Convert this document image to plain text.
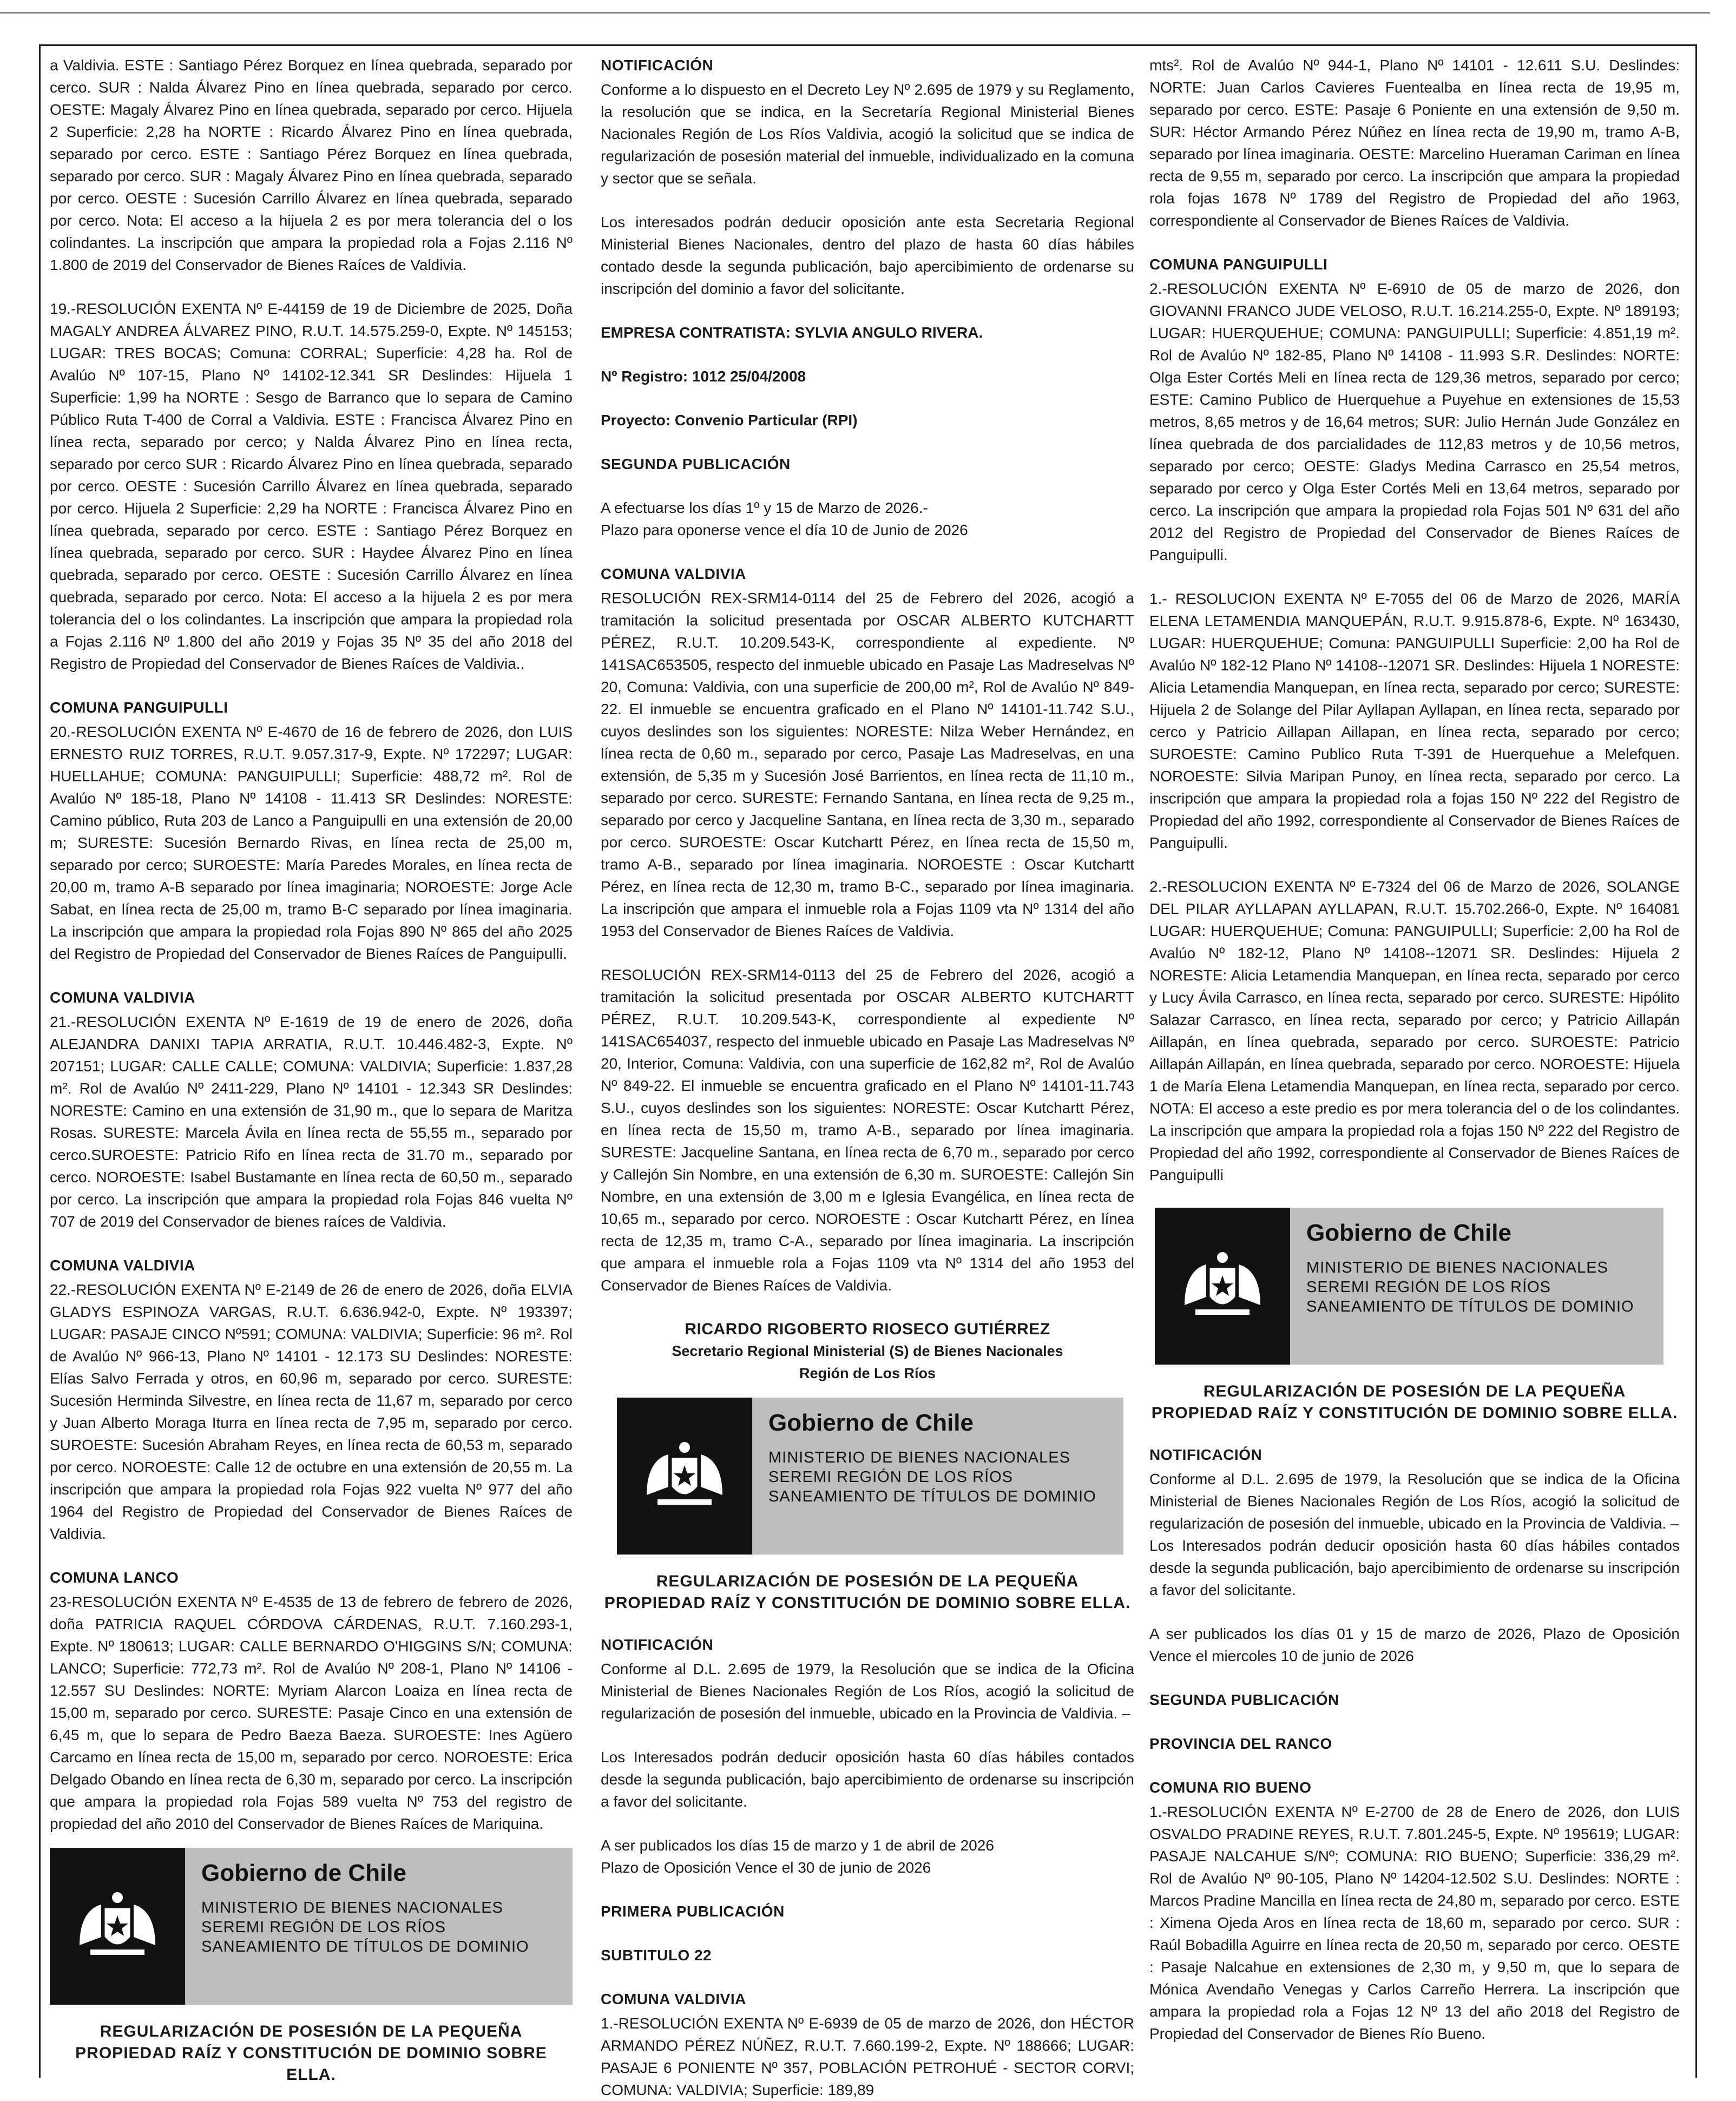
a Valdivia. ESTE : Santiago Pérez Borquez en línea quebrada, separado por cerco. SUR : Nalda Álvarez Pino en línea quebrada, separado por cerco. OESTE: Magaly Álvarez Pino en línea quebrada, separado por cerco. Hijuela 2 Superficie: 2,28 ha NORTE : Ricardo Álvarez Pino en línea quebrada, separado por cerco. ESTE : Santiago Pérez Borquez en línea quebrada, separado por cerco. SUR : Magaly Álvarez Pino en línea quebrada, separado por cerco. OESTE : Sucesión Carrillo Álvarez en línea quebrada, separado por cerco. Nota: El acceso a la hijuela 2 es por mera tolerancia del o los colindantes. La inscripción que ampara la propiedad rola a Fojas 2.116 Nº 1.800 de 2019 del Conservador de Bienes Raíces de Valdivia.

19.-RESOLUCIÓN EXENTA Nº E-44159 de 19 de Diciembre de 2025, Doña MAGALY ANDREA ÁLVAREZ PINO, R.U.T. 14.575.259-0, Expte. Nº 145153; LUGAR: TRES BOCAS; Comuna: CORRAL; Superficie: 4,28 ha. Rol de Avalúo Nº 107-15, Plano Nº 14102-12.341 SR Deslindes: Hijuela 1 Superficie: 1,99 ha NORTE : Sesgo de Barranco que lo separa de Camino Público Ruta T-400 de Corral a Valdivia. ESTE : Francisca Álvarez Pino en línea recta, separado por cerco; y Nalda Álvarez Pino en línea recta, separado por cerco SUR : Ricardo Álvarez Pino en línea quebrada, separado por cerco. OESTE : Sucesión Carrillo Álvarez en línea quebrada, separado por cerco. Hijuela 2 Superficie: 2,29 ha NORTE : Francisca Álvarez Pino en línea quebrada, separado por cerco. ESTE : Santiago Pérez Borquez en línea quebrada, separado por cerco. SUR : Haydee Álvarez Pino en línea quebrada, separado por cerco. OESTE : Sucesión Carrillo Álvarez en línea quebrada, separado por cerco. Nota: El acceso a la hijuela 2 es por mera tolerancia del o los colindantes. La inscripción que ampara la propiedad rola a Fojas 2.116 Nº 1.800 del año 2019 y Fojas 35 Nº 35 del año 2018 del Registro de Propiedad del Conservador de Bienes Raíces de Valdivia..

COMUNA PANGUIPULLI

20.-RESOLUCIÓN EXENTA Nº E-4670 de 16 de febrero de 2026, don LUIS ERNESTO RUIZ TORRES, R.U.T. 9.057.317-9, Expte. Nº 172297; LUGAR: HUELLAHUE; COMUNA: PANGUIPULLI; Superficie: 488,72 m². Rol de Avalúo Nº 185-18, Plano Nº 14108 - 11.413 SR Deslindes: NORESTE: Camino público, Ruta 203 de Lanco a Panguipulli en una extensión de 20,00 m; SURESTE: Sucesión Bernardo Rivas, en línea recta de 25,00 m, separado por cerco; SUROESTE: María Paredes Morales, en línea recta de 20,00 m, tramo A-B separado por línea imaginaria; NOROESTE: Jorge Acle Sabat, en línea recta de 25,00 m, tramo B-C separado por línea imaginaria. La inscripción que ampara la propiedad rola Fojas 890 Nº 865 del año 2025 del Registro de Propiedad del Conservador de Bienes Raíces de Panguipulli.

COMUNA VALDIVIA

21.-RESOLUCIÓN EXENTA Nº E-1619 de 19 de enero de 2026, doña ALEJANDRA DANIXI TAPIA ARRATIA, R.U.T. 10.446.482-3, Expte. Nº 207151; LUGAR: CALLE CALLE; COMUNA: VALDIVIA; Superficie: 1.837,28 m². Rol de Avalúo Nº 2411-229, Plano Nº 14101 - 12.343 SR Deslindes: NORESTE: Camino en una extensión de 31,90 m., que lo separa de Maritza Rosas. SURESTE: Marcela Ávila en línea recta de 55,55 m., separado por cerco.SUROESTE: Patricio Rifo en línea recta de 31.70 m., separado por cerco. NOROESTE: Isabel Bustamante en línea recta de 60,50 m., separado por cerco. La inscripción que ampara la propiedad rola Fojas 846 vuelta Nº 707 de 2019 del Conservador de bienes raíces de Valdivia.

COMUNA VALDIVIA

22.-RESOLUCIÓN EXENTA Nº E-2149 de 26 de enero de 2026, doña ELVIA GLADYS ESPINOZA VARGAS, R.U.T. 6.636.942-0, Expte. Nº 193397; LUGAR: PASAJE CINCO Nº591; COMUNA: VALDIVIA; Superficie: 96 m². Rol de Avalúo Nº 966-13, Plano Nº 14101 - 12.173 SU Deslindes: NORESTE: Elías Salvo Ferrada y otros, en 60,96 m, separado por cerco. SURESTE: Sucesión Herminda Silvestre, en línea recta de 11,67 m, separado por cerco y Juan Alberto Moraga Iturra en línea recta de 7,95 m, separado por cerco. SUROESTE: Sucesión Abraham Reyes, en línea recta de 60,53 m, separado por cerco. NOROESTE: Calle 12 de octubre en una extensión de 20,55 m. La inscripción que ampara la propiedad rola Fojas 922 vuelta Nº 977 del año 1964 del Registro de Propiedad del Conservador de Bienes Raíces de Valdivia.

COMUNA LANCO

23-RESOLUCIÓN EXENTA Nº E-4535 de 13 de febrero de febrero de 2026, doña PATRICIA RAQUEL CÓRDOVA CÁRDENAS, R.U.T. 7.160.293-1, Expte. Nº 180613; LUGAR: CALLE BERNARDO O'HIGGINS S/N; COMUNA: LANCO; Superficie: 772,73 m². Rol de Avalúo Nº 208-1, Plano Nº 14106 - 12.557 SU Deslindes: NORTE: Myriam Alarcon Loaiza en línea recta de 15,00 m, separado por cerco. SURESTE: Pasaje Cinco en una extensión de 6,45 m, que lo separa de Pedro Baeza Baeza. SUROESTE: Ines Agüero Carcamo en línea recta de 15,00 m, separado por cerco. NOROESTE: Erica Delgado Obando en línea recta de 6,30 m, separado por cerco. La inscripción que ampara la propiedad rola Fojas 589 vuelta Nº 753 del registro de propiedad del año 2010 del Conservador de Bienes Raíces de Mariquina.

Gobierno de Chile
MINISTERIO DE BIENES NACIONALES
SEREMI REGIÓN DE LOS RÍOS
SANEAMIENTO DE TÍTULOS DE DOMINIO
REGULARIZACIÓN DE POSESIÓN DE LA PEQUEÑA
PROPIEDAD RAÍZ Y CONSTITUCIÓN DE DOMINIO SOBRE ELLA.
NOTIFICACIÓN

Conforme a lo dispuesto en el Decreto Ley Nº 2.695 de 1979 y su Reglamento, la resolución que se indica, en la Secretaría Regional Ministerial Bienes Nacionales Región de Los Ríos Valdivia, acogió la solicitud que se indica de regularización de posesión material del inmueble, individualizado en la comuna y sector que se señala.

Los interesados podrán deducir oposición ante esta Secretaria Regional Ministerial Bienes Nacionales, dentro del plazo de hasta 60 días hábiles contado desde la segunda publicación, bajo apercibimiento de ordenarse su inscripción del dominio a favor del solicitante.

EMPRESA CONTRATISTA: SYLVIA ANGULO RIVERA.

Nº Registro: 1012 25/04/2008

Proyecto: Convenio Particular (RPI)

SEGUNDA PUBLICACIÓN

A efectuarse los días 1º y 15 de Marzo de 2026.-

Plazo para oponerse vence el día 10 de Junio de 2026

COMUNA VALDIVIA

RESOLUCIÓN REX-SRM14-0114 del 25 de Febrero del 2026, acogió a tramitación la solicitud presentada por OSCAR ALBERTO KUTCHARTT PÉREZ, R.U.T. 10.209.543-K, correspondiente al expediente. Nº 141SAC653505, respecto del inmueble ubicado en Pasaje Las Madreselvas Nº 20, Comuna: Valdivia, con una superficie de 200,00 m², Rol de Avalúo Nº 849-22. El inmueble se encuentra graficado en el Plano Nº 14101-11.742 S.U., cuyos deslindes son los siguientes: NORESTE: Nilza Weber Hernández, en línea recta de 0,60 m., separado por cerco, Pasaje Las Madreselvas, en una extensión, de 5,35 m y Sucesión José Barrientos, en línea recta de 11,10 m., separado por cerco. SURESTE: Fernando Santana, en línea recta de 9,25 m., separado por cerco y Jacqueline Santana, en línea recta de 3,30 m., separado por cerco. SUROESTE: Oscar Kutchartt Pérez, en línea recta de 15,50 m, tramo A-B., separado por línea imaginaria. NOROESTE : Oscar Kutchartt Pérez, en línea recta de 12,30 m, tramo B-C., separado por línea imaginaria. La inscripción que ampara el inmueble rola a Fojas 1109 vta Nº 1314 del año 1953 del Conservador de Bienes Raíces de Valdivia.

RESOLUCIÓN REX-SRM14-0113 del 25 de Febrero del 2026, acogió a tramitación la solicitud presentada por OSCAR ALBERTO KUTCHARTT PÉREZ, R.U.T. 10.209.543-K, correspondiente al expediente Nº 141SAC654037, respecto del inmueble ubicado en Pasaje Las Madreselvas Nº 20, Interior, Comuna: Valdivia, con una superficie de 162,82 m², Rol de Avalúo Nº 849-22. El inmueble se encuentra graficado en el Plano Nº 14101-11.743 S.U., cuyos deslindes son los siguientes: NORESTE: Oscar Kutchartt Pérez, en línea recta de 15,50 m, tramo A-B., separado por línea imaginaria. SURESTE: Jacqueline Santana, en línea recta de 6,70 m., separado por cerco y Callejón Sin Nombre, en una extensión de 6,30 m. SUROESTE: Callejón Sin Nombre, en una extensión de 3,00 m e Iglesia Evangélica, en línea recta de 10,65 m., separado por cerco. NOROESTE : Oscar Kutchartt Pérez, en línea recta de 12,35 m, tramo C-A., separado por línea imaginaria. La inscripción que ampara el inmueble rola a Fojas 1109 vta Nº 1314 del año 1953 del Conservador de Bienes Raíces de Valdivia.

RICARDO RIGOBERTO RIOSECO GUTIÉRREZ
Secretario Regional Ministerial (S) de Bienes Nacionales
Región de Los Ríos
Gobierno de Chile
MINISTERIO DE BIENES NACIONALES
SEREMI REGIÓN DE LOS RÍOS
SANEAMIENTO DE TÍTULOS DE DOMINIO
REGULARIZACIÓN DE POSESIÓN DE LA PEQUEÑA
PROPIEDAD RAÍZ Y CONSTITUCIÓN DE DOMINIO SOBRE ELLA.
NOTIFICACIÓN

Conforme al D.L. 2.695 de 1979, la Resolución que se indica de la Oficina Ministerial de Bienes Nacionales Región de Los Ríos, acogió la solicitud de regularización de posesión del inmueble, ubicado en la Provincia de Valdivia. –

Los Interesados podrán deducir oposición hasta 60 días hábiles contados desde la segunda publicación, bajo apercibimiento de ordenarse su inscripción a favor del solicitante.

A ser publicados los días 15 de marzo y 1 de abril de 2026

Plazo de Oposición Vence el 30 de junio de 2026

PRIMERA PUBLICACIÓN
SUBTITULO 22
COMUNA VALDIVIA

1.-RESOLUCIÓN EXENTA Nº E-6939 de 05 de marzo de 2026, don HÉCTOR ARMANDO PÉREZ NÚÑEZ, R.U.T. 7.660.199-2, Expte. Nº 188666; LUGAR: PASAJE 6 PONIENTE Nº 357, POBLACIÓN PETROHUÉ - SECTOR CORVI; COMUNA: VALDIVIA; Superficie: 189,89

mts². Rol de Avalúo Nº 944-1, Plano Nº 14101 - 12.611 S.U. Deslindes: NORTE: Juan Carlos Cavieres Fuentealba en línea recta de 19,95 m, separado por cerco. ESTE: Pasaje 6 Poniente en una extensión de 9,50 m. SUR: Héctor Armando Pérez Núñez en línea recta de 19,90 m, tramo A-B, separado por línea imaginaria. OESTE: Marcelino Hueraman Cariman en línea recta de 9,55 m, separado por cerco. La inscripción que ampara la propiedad rola fojas 1678 Nº 1789 del Registro de Propiedad del año 1963, correspondiente al Conservador de Bienes Raíces de Valdivia.

COMUNA PANGUIPULLI

2.-RESOLUCIÓN EXENTA Nº E-6910 de 05 de marzo de 2026, don GIOVANNI FRANCO JUDE VELOSO, R.U.T. 16.214.255-0, Expte. Nº 189193; LUGAR: HUERQUEHUE; COMUNA: PANGUIPULLI; Superficie: 4.851,19 m². Rol de Avalúo Nº 182-85, Plano Nº 14108 - 11.993 S.R. Deslindes: NORTE: Olga Ester Cortés Meli en línea recta de 129,36 metros, separado por cerco; ESTE: Camino Publico de Huerquehue a Puyehue en extensiones de 15,53 metros, 8,65 metros y de 16,64 metros; SUR: Julio Hernán Jude González en línea quebrada de dos parcialidades de 112,83 metros y de 10,56 metros, separado por cerco; OESTE: Gladys Medina Carrasco en 25,54 metros, separado por cerco y Olga Ester Cortés Meli en 13,64 metros, separado por cerco. La inscripción que ampara la propiedad rola Fojas 501 Nº 631 del año 2012 del Registro de Propiedad del Conservador de Bienes Raíces de Panguipulli.

1.- RESOLUCION EXENTA Nº E-7055 del 06 de Marzo de 2026, MARÍA ELENA LETAMENDIA MANQUEPÁN, R.U.T. 9.915.878-6, Expte. Nº 163430, LUGAR: HUERQUEHUE; Comuna: PANGUIPULLI Superficie: 2,00 ha Rol de Avalúo Nº 182-12 Plano Nº 14108--12071 SR. Deslindes: Hijuela 1 NORESTE: Alicia Letamendia Manquepan, en línea recta, separado por cerco; SURESTE: Hijuela 2 de Solange del Pilar Ayllapan Ayllapan, en línea recta, separado por cerco y Patricio Aillapan Aillapan, en línea recta, separado por cerco; SUROESTE: Camino Publico Ruta T-391 de Huerquehue a Melefquen. NOROESTE: Silvia Maripan Punoy, en línea recta, separado por cerco. La inscripción que ampara la propiedad rola a fojas 150 Nº 222 del Registro de Propiedad del año 1992, correspondiente al Conservador de Bienes Raíces de Panguipulli.

2.-RESOLUCION EXENTA Nº E-7324 del 06 de Marzo de 2026, SOLANGE DEL PILAR AYLLAPAN AYLLAPAN, R.U.T. 15.702.266-0, Expte. Nº 164081 LUGAR: HUERQUEHUE; Comuna: PANGUIPULLI; Superficie: 2,00 ha Rol de Avalúo Nº 182-12, Plano Nº 14108--12071 SR. Deslindes: Hijuela 2 NORESTE: Alicia Letamendia Manquepan, en línea recta, separado por cerco y Lucy Ávila Carrasco, en línea recta, separado por cerco. SURESTE: Hipólito Salazar Carrasco, en línea recta, separado por cerco; y Patricio Aillapán Aillapán, en línea quebrada, separado por cerco. SUROESTE: Patricio Aillapán Aillapán, en línea quebrada, separado por cerco. NOROESTE: Hijuela 1 de María Elena Letamendia Manquepan, en línea recta, separado por cerco. NOTA: El acceso a este predio es por mera tolerancia del o de los colindantes. La inscripción que ampara la propiedad rola a fojas 150 Nº 222 del Registro de Propiedad del año 1992, correspondiente al Conservador de Bienes Raíces de Panguipulli

Gobierno de Chile
MINISTERIO DE BIENES NACIONALES
SEREMI REGIÓN DE LOS RÍOS
SANEAMIENTO DE TÍTULOS DE DOMINIO
REGULARIZACIÓN DE POSESIÓN DE LA PEQUEÑA
PROPIEDAD RAÍZ Y CONSTITUCIÓN DE DOMINIO SOBRE ELLA.
NOTIFICACIÓN

Conforme al D.L. 2.695 de 1979, la Resolución que se indica de la Oficina Ministerial de Bienes Nacionales Región de Los Ríos, acogió la solicitud de regularización de posesión del inmueble, ubicado en la Provincia de Valdivia. –

Los Interesados podrán deducir oposición hasta 60 días hábiles contados desde la segunda publicación, bajo apercibimiento de ordenarse su inscripción a favor del solicitante.

A ser publicados los días 01 y 15 de marzo de 2026, Plazo de Oposición Vence el miercoles 10 de junio de 2026

SEGUNDA PUBLICACIÓN
PROVINCIA DEL RANCO
COMUNA RIO BUENO

1.-RESOLUCIÓN EXENTA Nº E-2700 de 28 de Enero de 2026, don LUIS OSVALDO PRADINE REYES, R.U.T. 7.801.245-5, Expte. Nº 195619; LUGAR: PASAJE NALCAHUE S/Nº; COMUNA: RIO BUENO; Superficie: 336,29 m². Rol de Avalúo Nº 90-105, Plano Nº 14204-12.502 S.U. Deslindes: NORTE : Marcos Pradine Mancilla en línea recta de 24,80 m, separado por cerco. ESTE : Ximena Ojeda Aros en línea recta de 18,60 m, separado por cerco. SUR : Raúl Bobadilla Aguirre en línea recta de 20,50 m, separado por cerco. OESTE : Pasaje Nalcahue en extensiones de 2,30 m, y 9,50 m, que lo separa de Mónica Avendaño Venegas y Carlos Carreño Herrera. La inscripción que ampara la propiedad rola a Fojas 12 Nº 13 del año 2018 del Registro de Propiedad del Conservador de Bienes Río Bueno.
